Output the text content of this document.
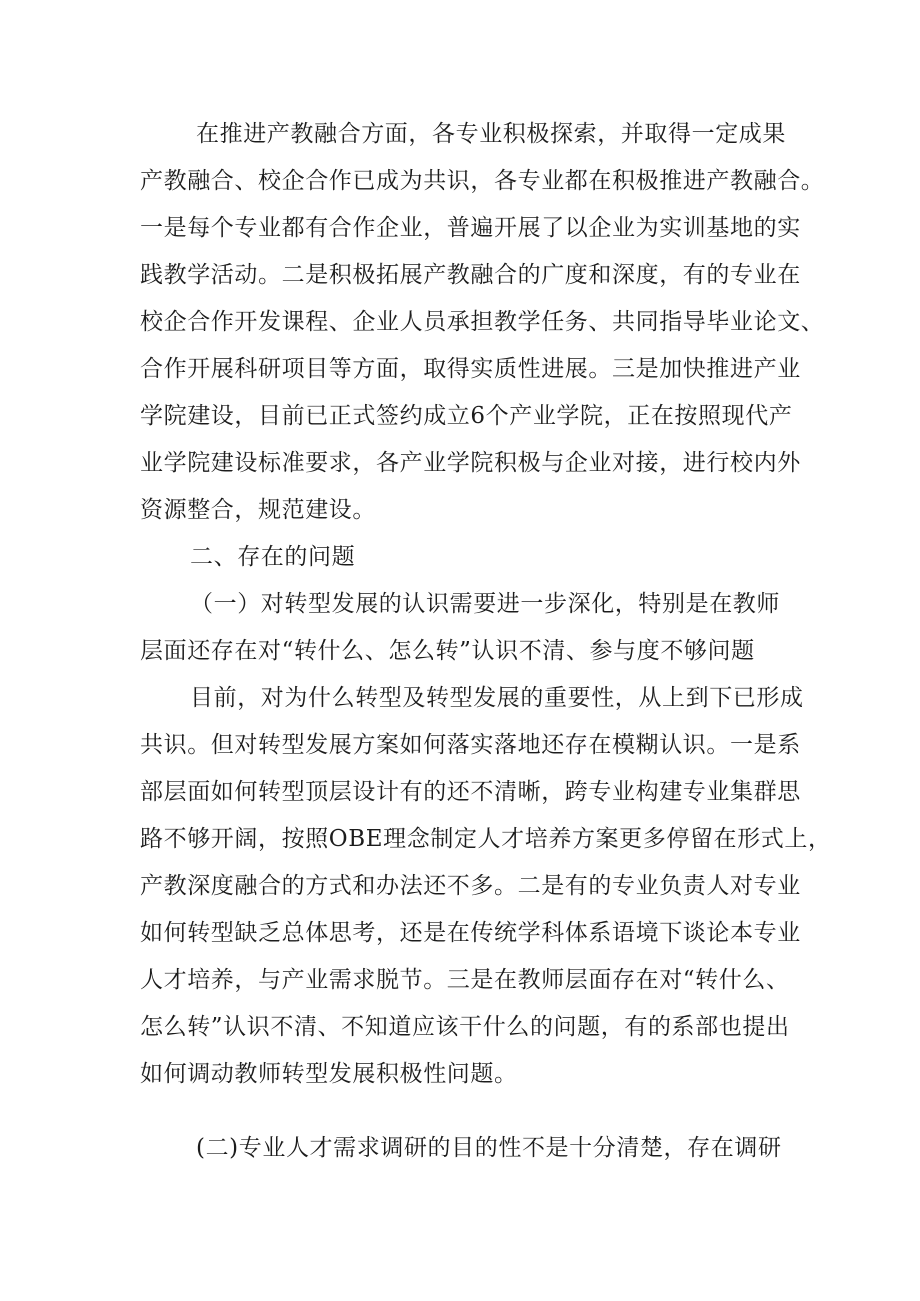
在推进产教融合方面，各专业积极探索，并取得一定成果
产教融合、校企合作已成为共识，各专业都在积极推进产教融合。
一是每个专业都有合作企业，普遍开展了以企业为实训基地的实
践教学活动。二是积极拓展产教融合的广度和深度，有的专业在
校企合作开发课程、企业人员承担教学任务、共同指导毕业论文、
合作开展科研项目等方面，取得实质性进展。三是加快推进产业
学院建设，目前已正式签约成立6个产业学院，正在按照现代产
业学院建设标准要求，各产业学院积极与企业对接，进行校内外
资源整合，规范建设。
二、存在的问题
（一）对转型发展的认识需要进一步深化，特别是在教师
层面还存在对“转什么、怎么转”认识不清、参与度不够问题
目前，对为什么转型及转型发展的重要性，从上到下已形成
共识。但对转型发展方案如何落实落地还存在模糊认识。一是系
部层面如何转型顶层设计有的还不清晰，跨专业构建专业集群思
路不够开阔，按照OBE理念制定人才培养方案更多停留在形式上，
产教深度融合的方式和办法还不多。二是有的专业负责人对专业
如何转型缺乏总体思考，还是在传统学科体系语境下谈论本专业
人才培养，与产业需求脱节。三是在教师层面存在对“转什么、
怎么转”认识不清、不知道应该干什么的问题，有的系部也提出
如何调动教师转型发展积极性问题。
(二)专业人才需求调研的目的性不是十分清楚，存在调研
